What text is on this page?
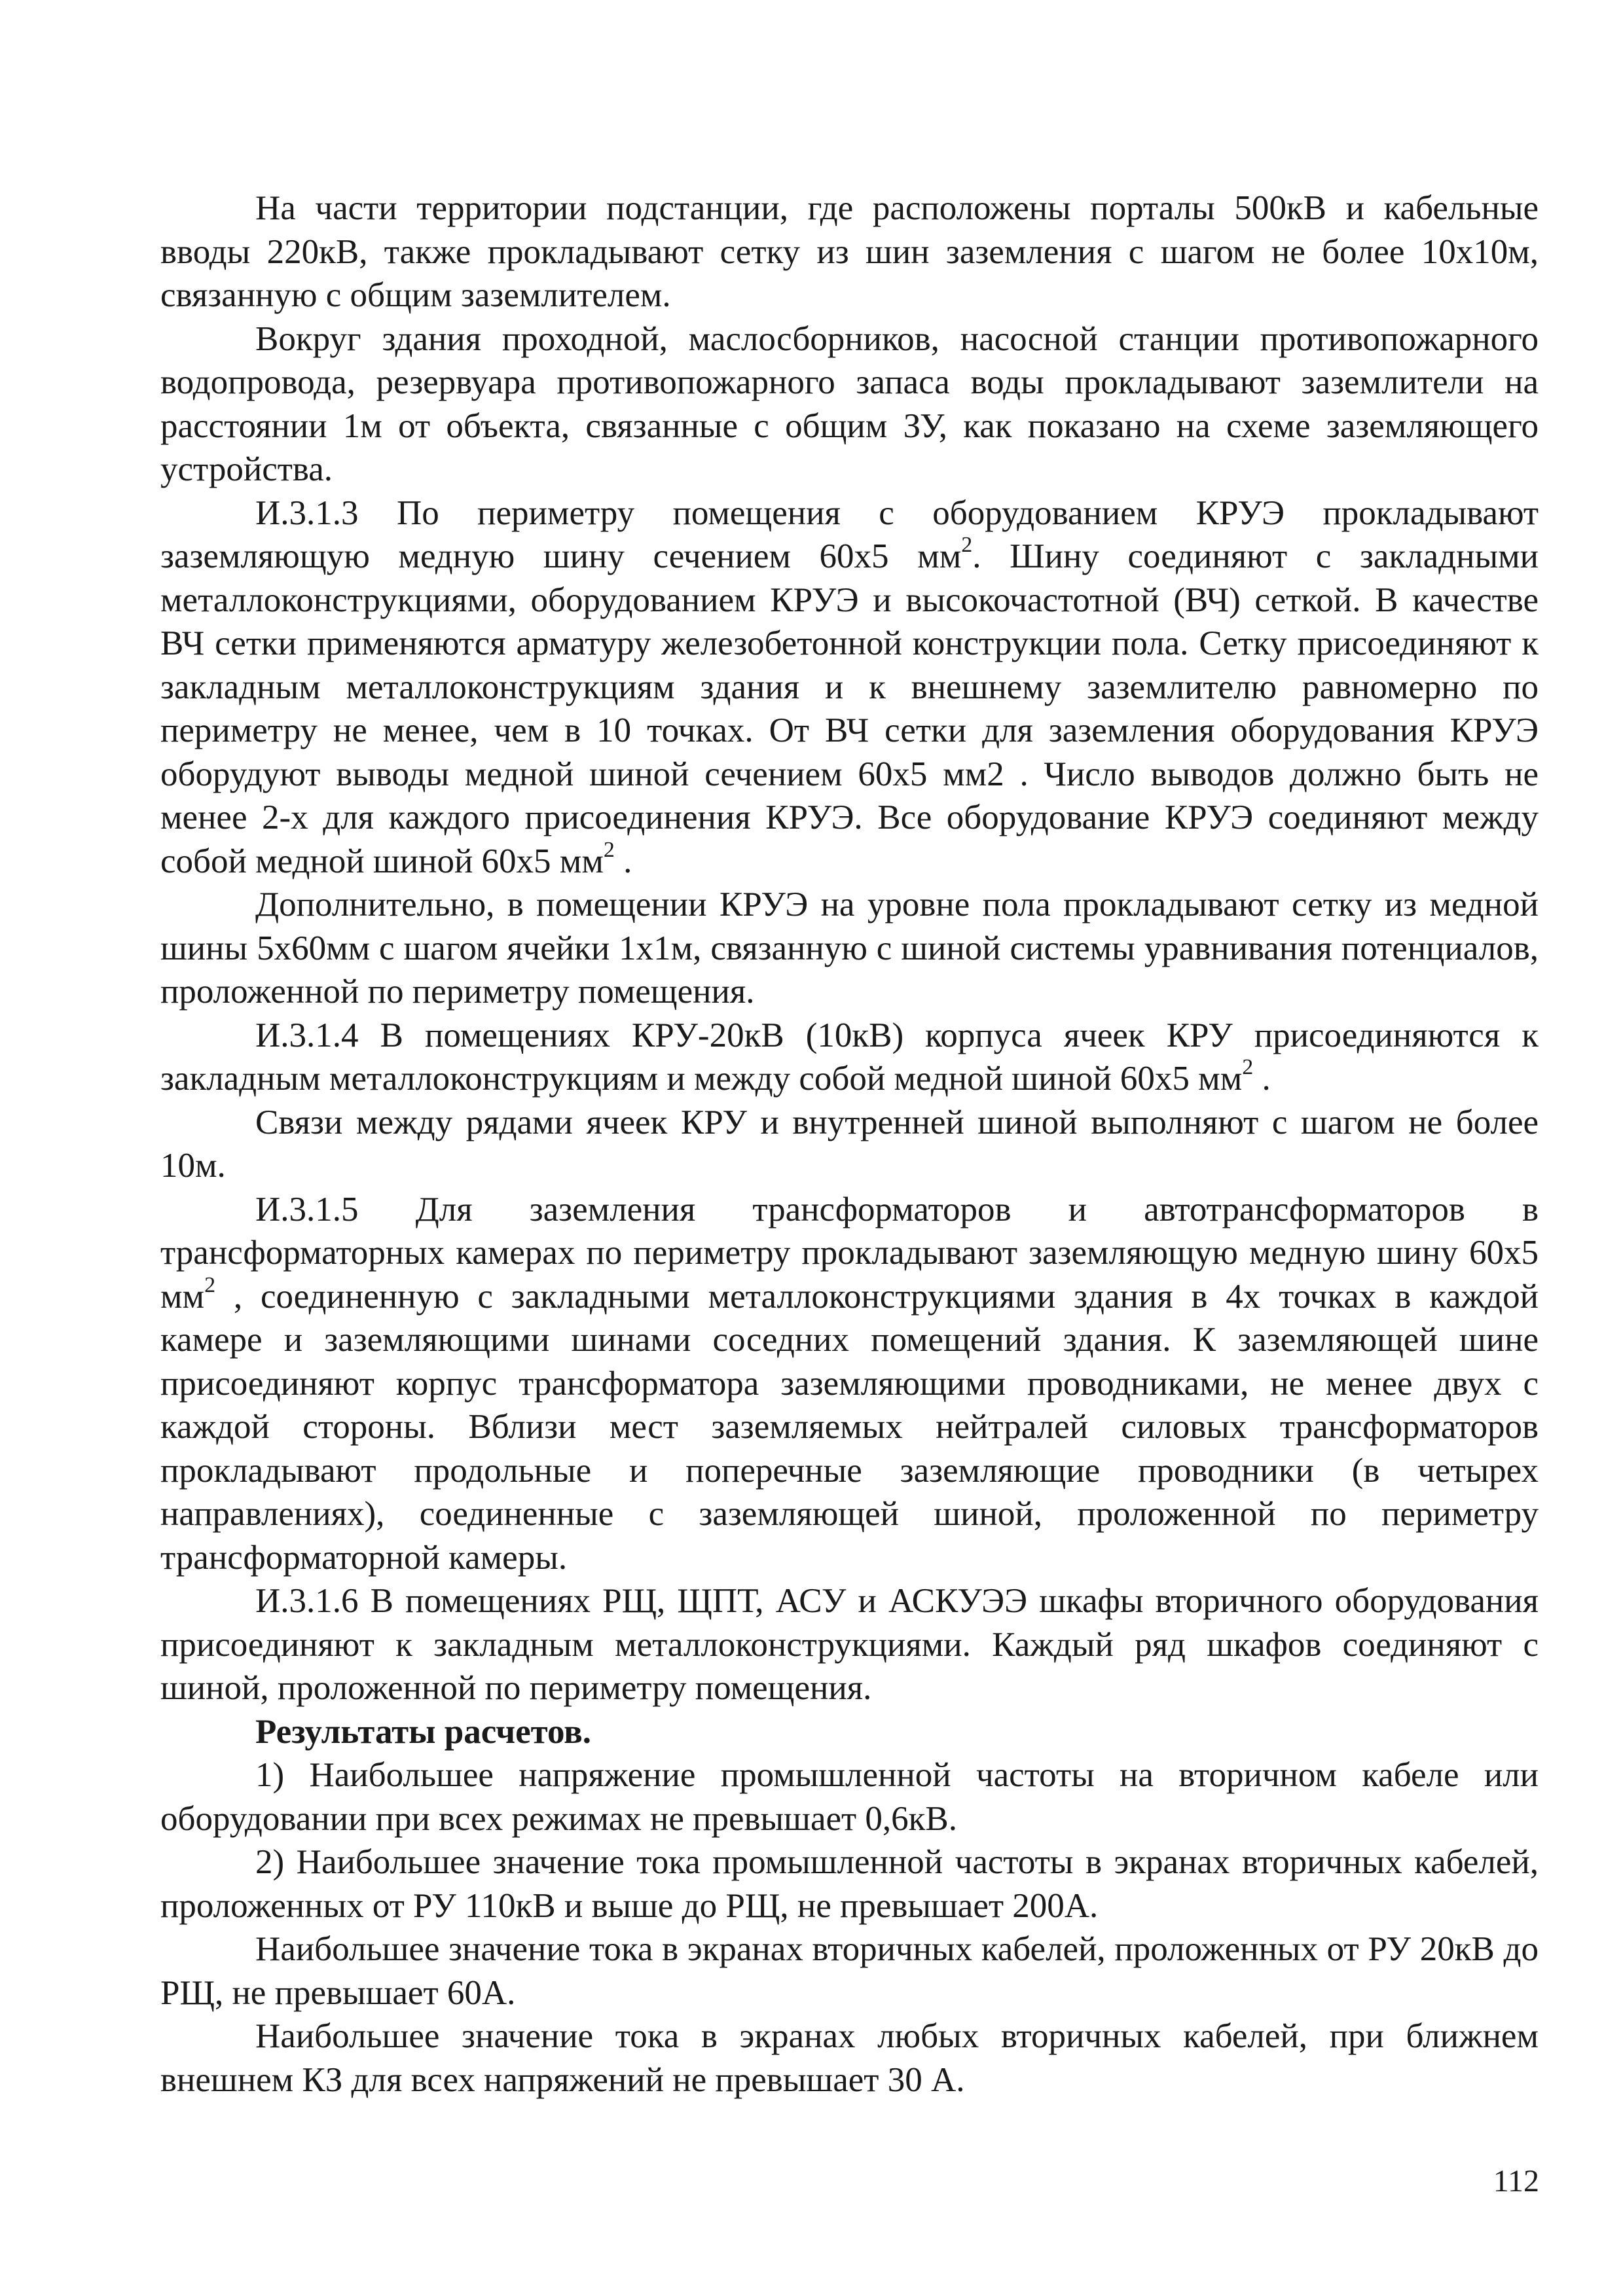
На части территории подстанции, где расположены порталы 500кВ и кабельные вводы 220кВ, также прокладывают сетку из шин заземления с шагом не более 10х10м, связанную с общим заземлителем.

Вокруг здания проходной, маслосборников, насосной станции противопожарного водопровода, резервуара противопожарного запаса воды прокладывают заземлители на расстоянии 1м от объекта, связанные с общим ЗУ, как показано на схеме заземляющего устройства.

И.3.1.3 По периметру помещения с оборудованием КРУЭ прокладывают заземляющую медную шину сечением 60х5 $мм^2$. Шину соединяют с закладными металлоконструкциями, оборудованием КРУЭ и высокочастотной (ВЧ) сеткой. В качестве ВЧ сетки применяются арматуру железобетонной конструкции пола. Сетку присоединяют к закладным металлоконструкциям здания и к внешнему заземлителю равномерно по периметру не менее, чем в 10 точках. От ВЧ сетки для заземления оборудования КРУЭ оборудуют выводы медной шиной сечением 60х5 мм2 . Число выводов должно быть не менее 2-х для каждого присоединения КРУЭ. Все оборудование КРУЭ соединяют между собой медной шиной 60х5 $мм^2$ .

Дополнительно, в помещении КРУЭ на уровне пола прокладывают сетку из медной шины 5х60мм с шагом ячейки 1х1м, связанную с шиной системы уравнивания потенциалов, проложенной по периметру помещения.

И.3.1.4 В помещениях КРУ-20кВ (10кВ) корпуса ячеек КРУ присоединяются к закладным металлоконструкциям и между собой медной шиной 60х5 $мм^2$ .

Связи между рядами ячеек КРУ и внутренней шиной выполняют с шагом не более 10м.

И.3.1.5 Для заземления трансформаторов и автотрансформаторов в трансформаторных камерах по периметру прокладывают заземляющую медную шину 60х5 $мм^2$ , соединенную с закладными металлоконструкциями здания в 4х точках в каждой камере и заземляющими шинами соседних помещений здания. К заземляющей шине присоединяют корпус трансформатора заземляющими проводниками, не менее двух с каждой стороны. Вблизи мест заземляемых нейтралей силовых трансформаторов прокладывают продольные и поперечные заземляющие проводники (в четырех направлениях), соединенные с заземляющей шиной, проложенной по периметру трансформаторной камеры.

И.3.1.6 В помещениях РЩ, ЩПТ, АСУ и АСКУЭЭ шкафы вторичного оборудования присоединяют к закладным металлоконструкциями. Каждый ряд шкафов соединяют с шиной, проложенной по периметру помещения.

Результаты расчетов.

1) Наибольшее напряжение промышленной частоты на вторичном кабеле или оборудовании при всех режимах не превышает 0,6кВ.

2) Наибольшее значение тока промышленной частоты в экранах вторичных кабелей, проложенных от РУ 110кВ и выше до РЩ, не превышает 200А.

Наибольшее значение тока в экранах вторичных кабелей, проложенных от РУ 20кВ до РЩ, не превышает 60А.

Наибольшее значение тока в экранах любых вторичных кабелей, при ближнем внешнем КЗ для всех напряжений не превышает 30 А.

112
